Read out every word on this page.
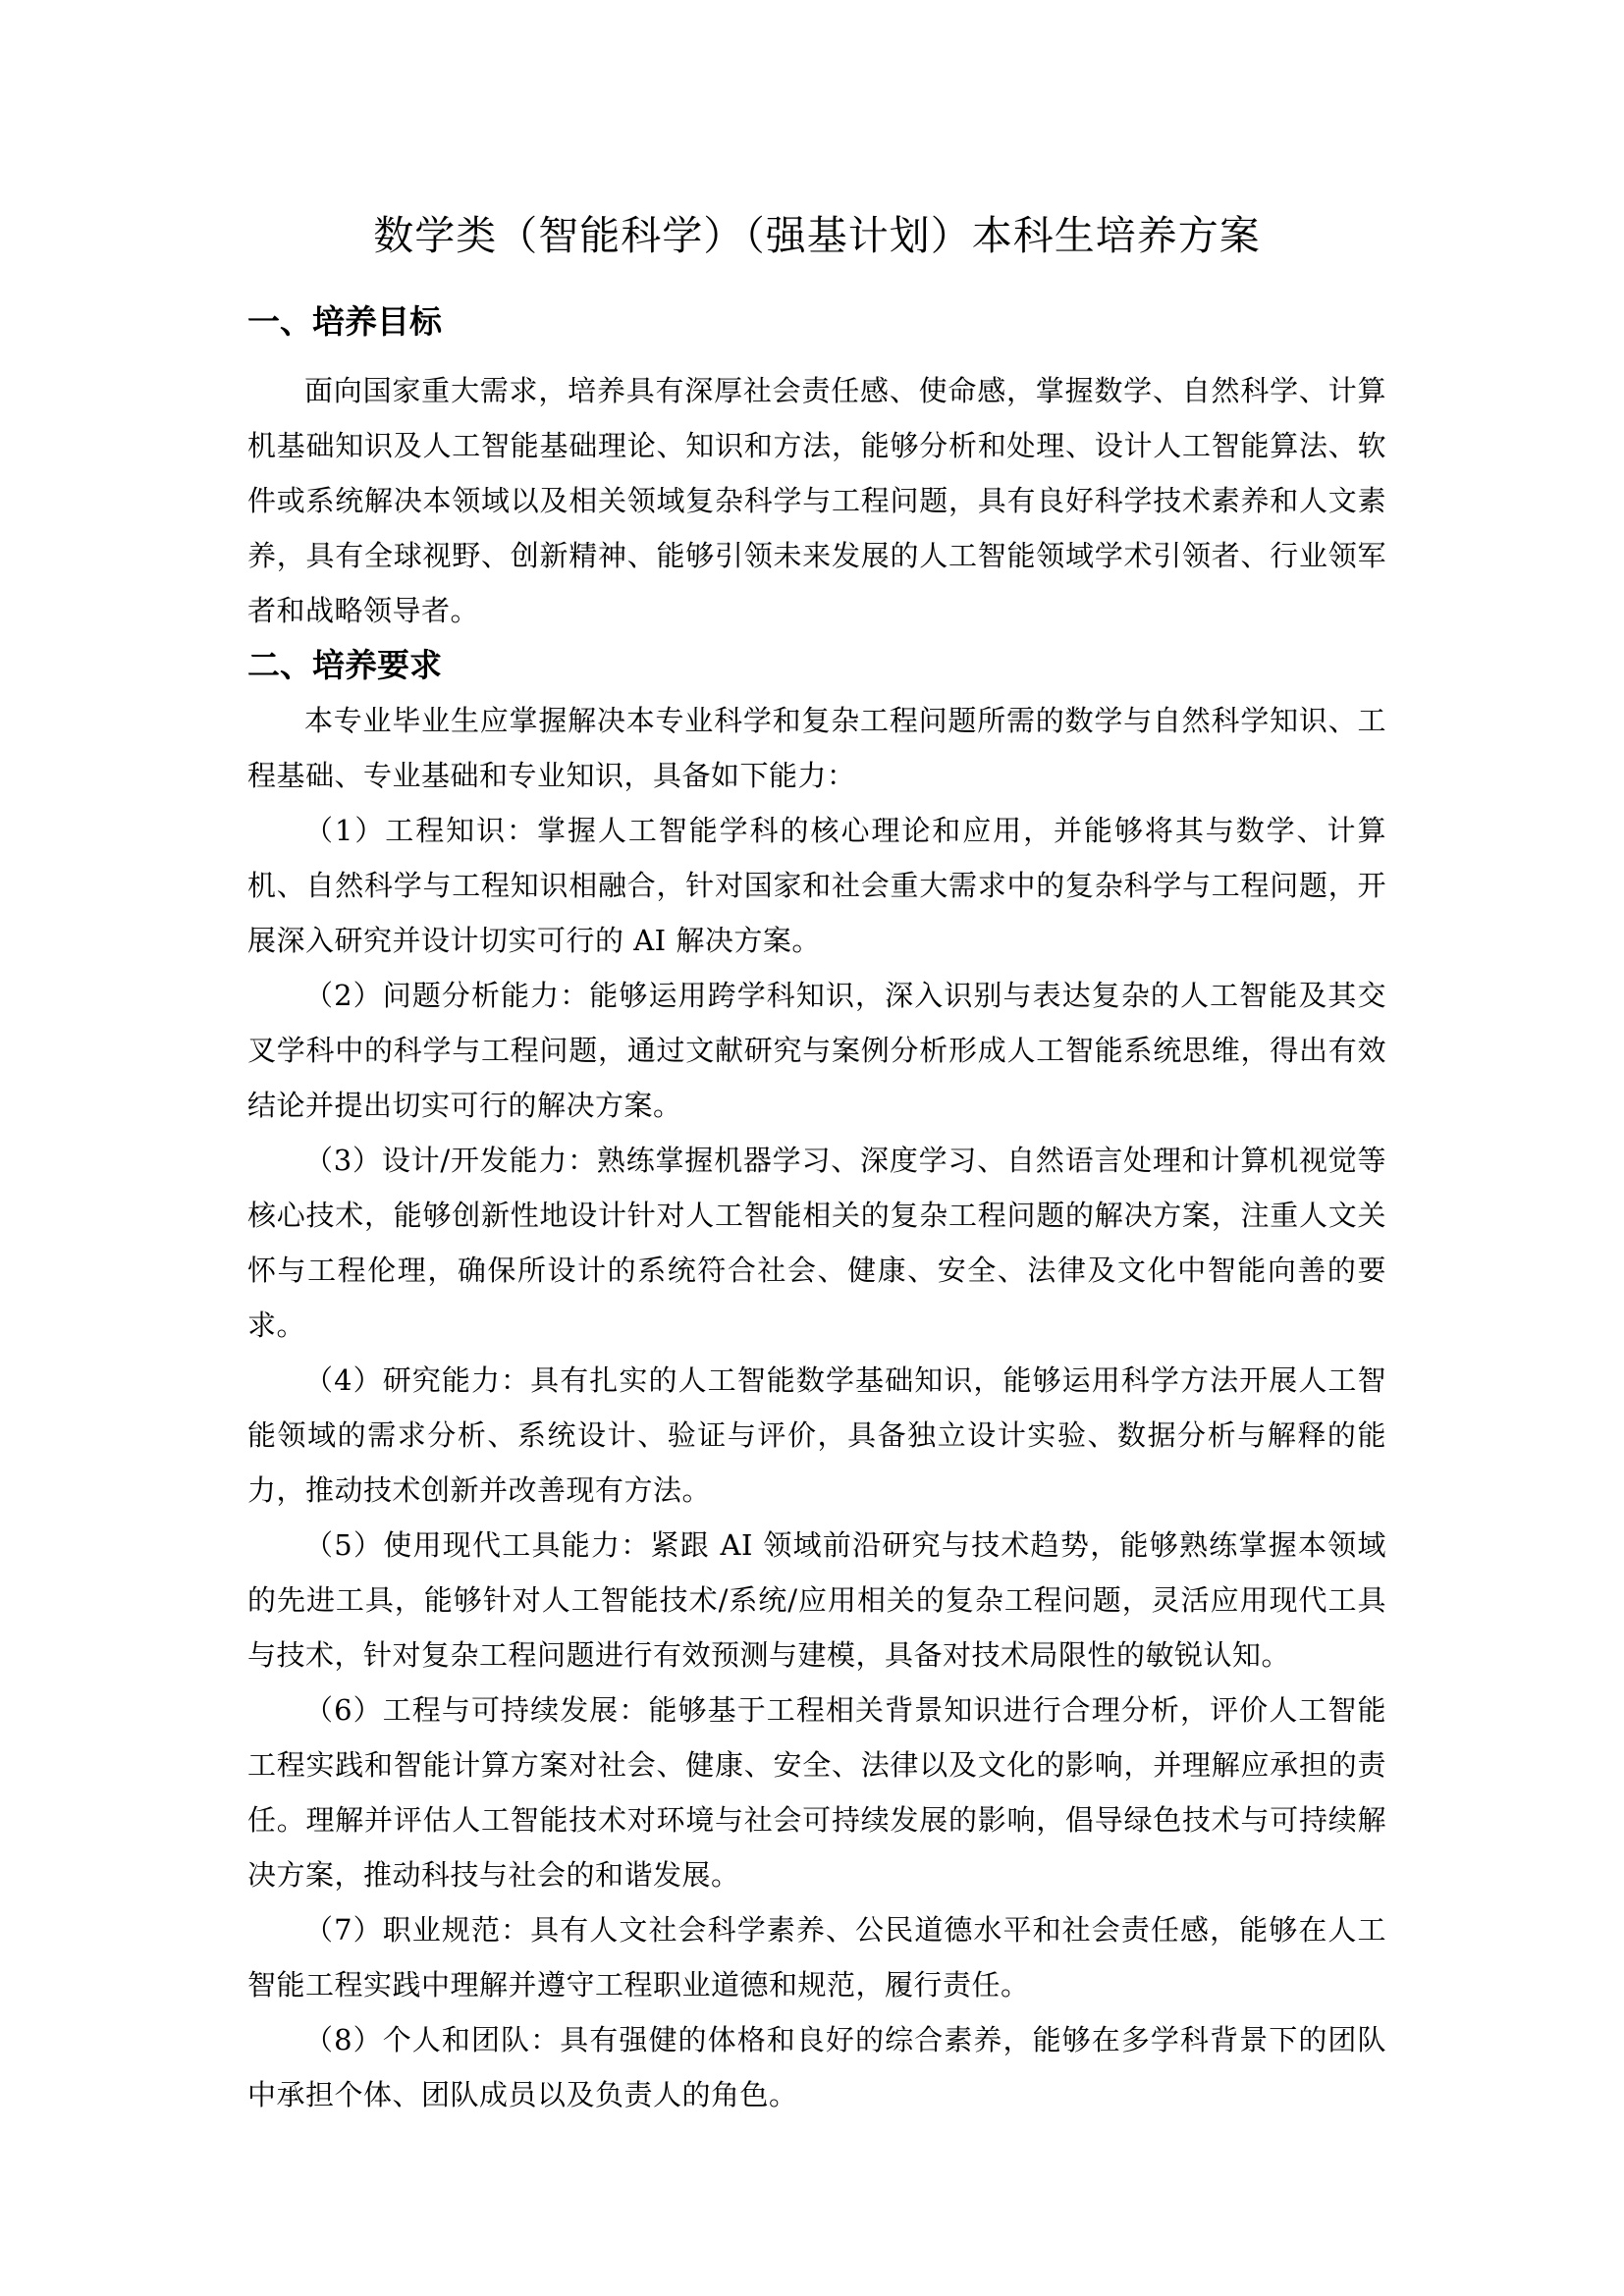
数学类（智能科学）（强基计划）本科生培养方案
一、培养目标

面向国家重大需求，培养具有深厚社会责任感、使命感，掌握数学、自然科学、计算机基础知识及人工智能基础理论、知识和方法，能够分析和处理、设计人工智能算法、软件或系统解决本领域以及相关领域复杂科学与工程问题，具有良好科学技术素养和人文素养，具有全球视野、创新精神、能够引领未来发展的人工智能领域学术引领者、行业领军者和战略领导者。

二、培养要求

本专业毕业生应掌握解决本专业科学和复杂工程问题所需的数学与自然科学知识、工程基础、专业基础和专业知识，具备如下能力：

（1）工程知识：掌握人工智能学科的核心理论和应用，并能够将其与数学、计算机、自然科学与工程知识相融合，针对国家和社会重大需求中的复杂科学与工程问题，开展深入研究并设计切实可行的 AI 解决方案。

（2）问题分析能力：能够运用跨学科知识，深入识别与表达复杂的人工智能及其交叉学科中的科学与工程问题，通过文献研究与案例分析形成人工智能系统思维，得出有效结论并提出切实可行的解决方案。

（3）设计/开发能力：熟练掌握机器学习、深度学习、自然语言处理和计算机视觉等核心技术，能够创新性地设计针对人工智能相关的复杂工程问题的解决方案，注重人文关怀与工程伦理，确保所设计的系统符合社会、健康、安全、法律及文化中智能向善的要求。

（4）研究能力：具有扎实的人工智能数学基础知识，能够运用科学方法开展人工智能领域的需求分析、系统设计、验证与评价，具备独立设计实验、数据分析与解释的能力，推动技术创新并改善现有方法。

（5）使用现代工具能力：紧跟 AI 领域前沿研究与技术趋势，能够熟练掌握本领域的先进工具，能够针对人工智能技术/系统/应用相关的复杂工程问题，灵活应用现代工具与技术，针对复杂工程问题进行有效预测与建模，具备对技术局限性的敏锐认知。

（6）工程与可持续发展：能够基于工程相关背景知识进行合理分析，评价人工智能工程实践和智能计算方案对社会、健康、安全、法律以及文化的影响，并理解应承担的责任。理解并评估人工智能技术对环境与社会可持续发展的影响，倡导绿色技术与可持续解决方案，推动科技与社会的和谐发展。

（7）职业规范：具有人文社会科学素养、公民道德水平和社会责任感，能够在人工智能工程实践中理解并遵守工程职业道德和规范，履行责任。

（8）个人和团队：具有强健的体格和良好的综合素养，能够在多学科背景下的团队中承担个体、团队成员以及负责人的角色。
